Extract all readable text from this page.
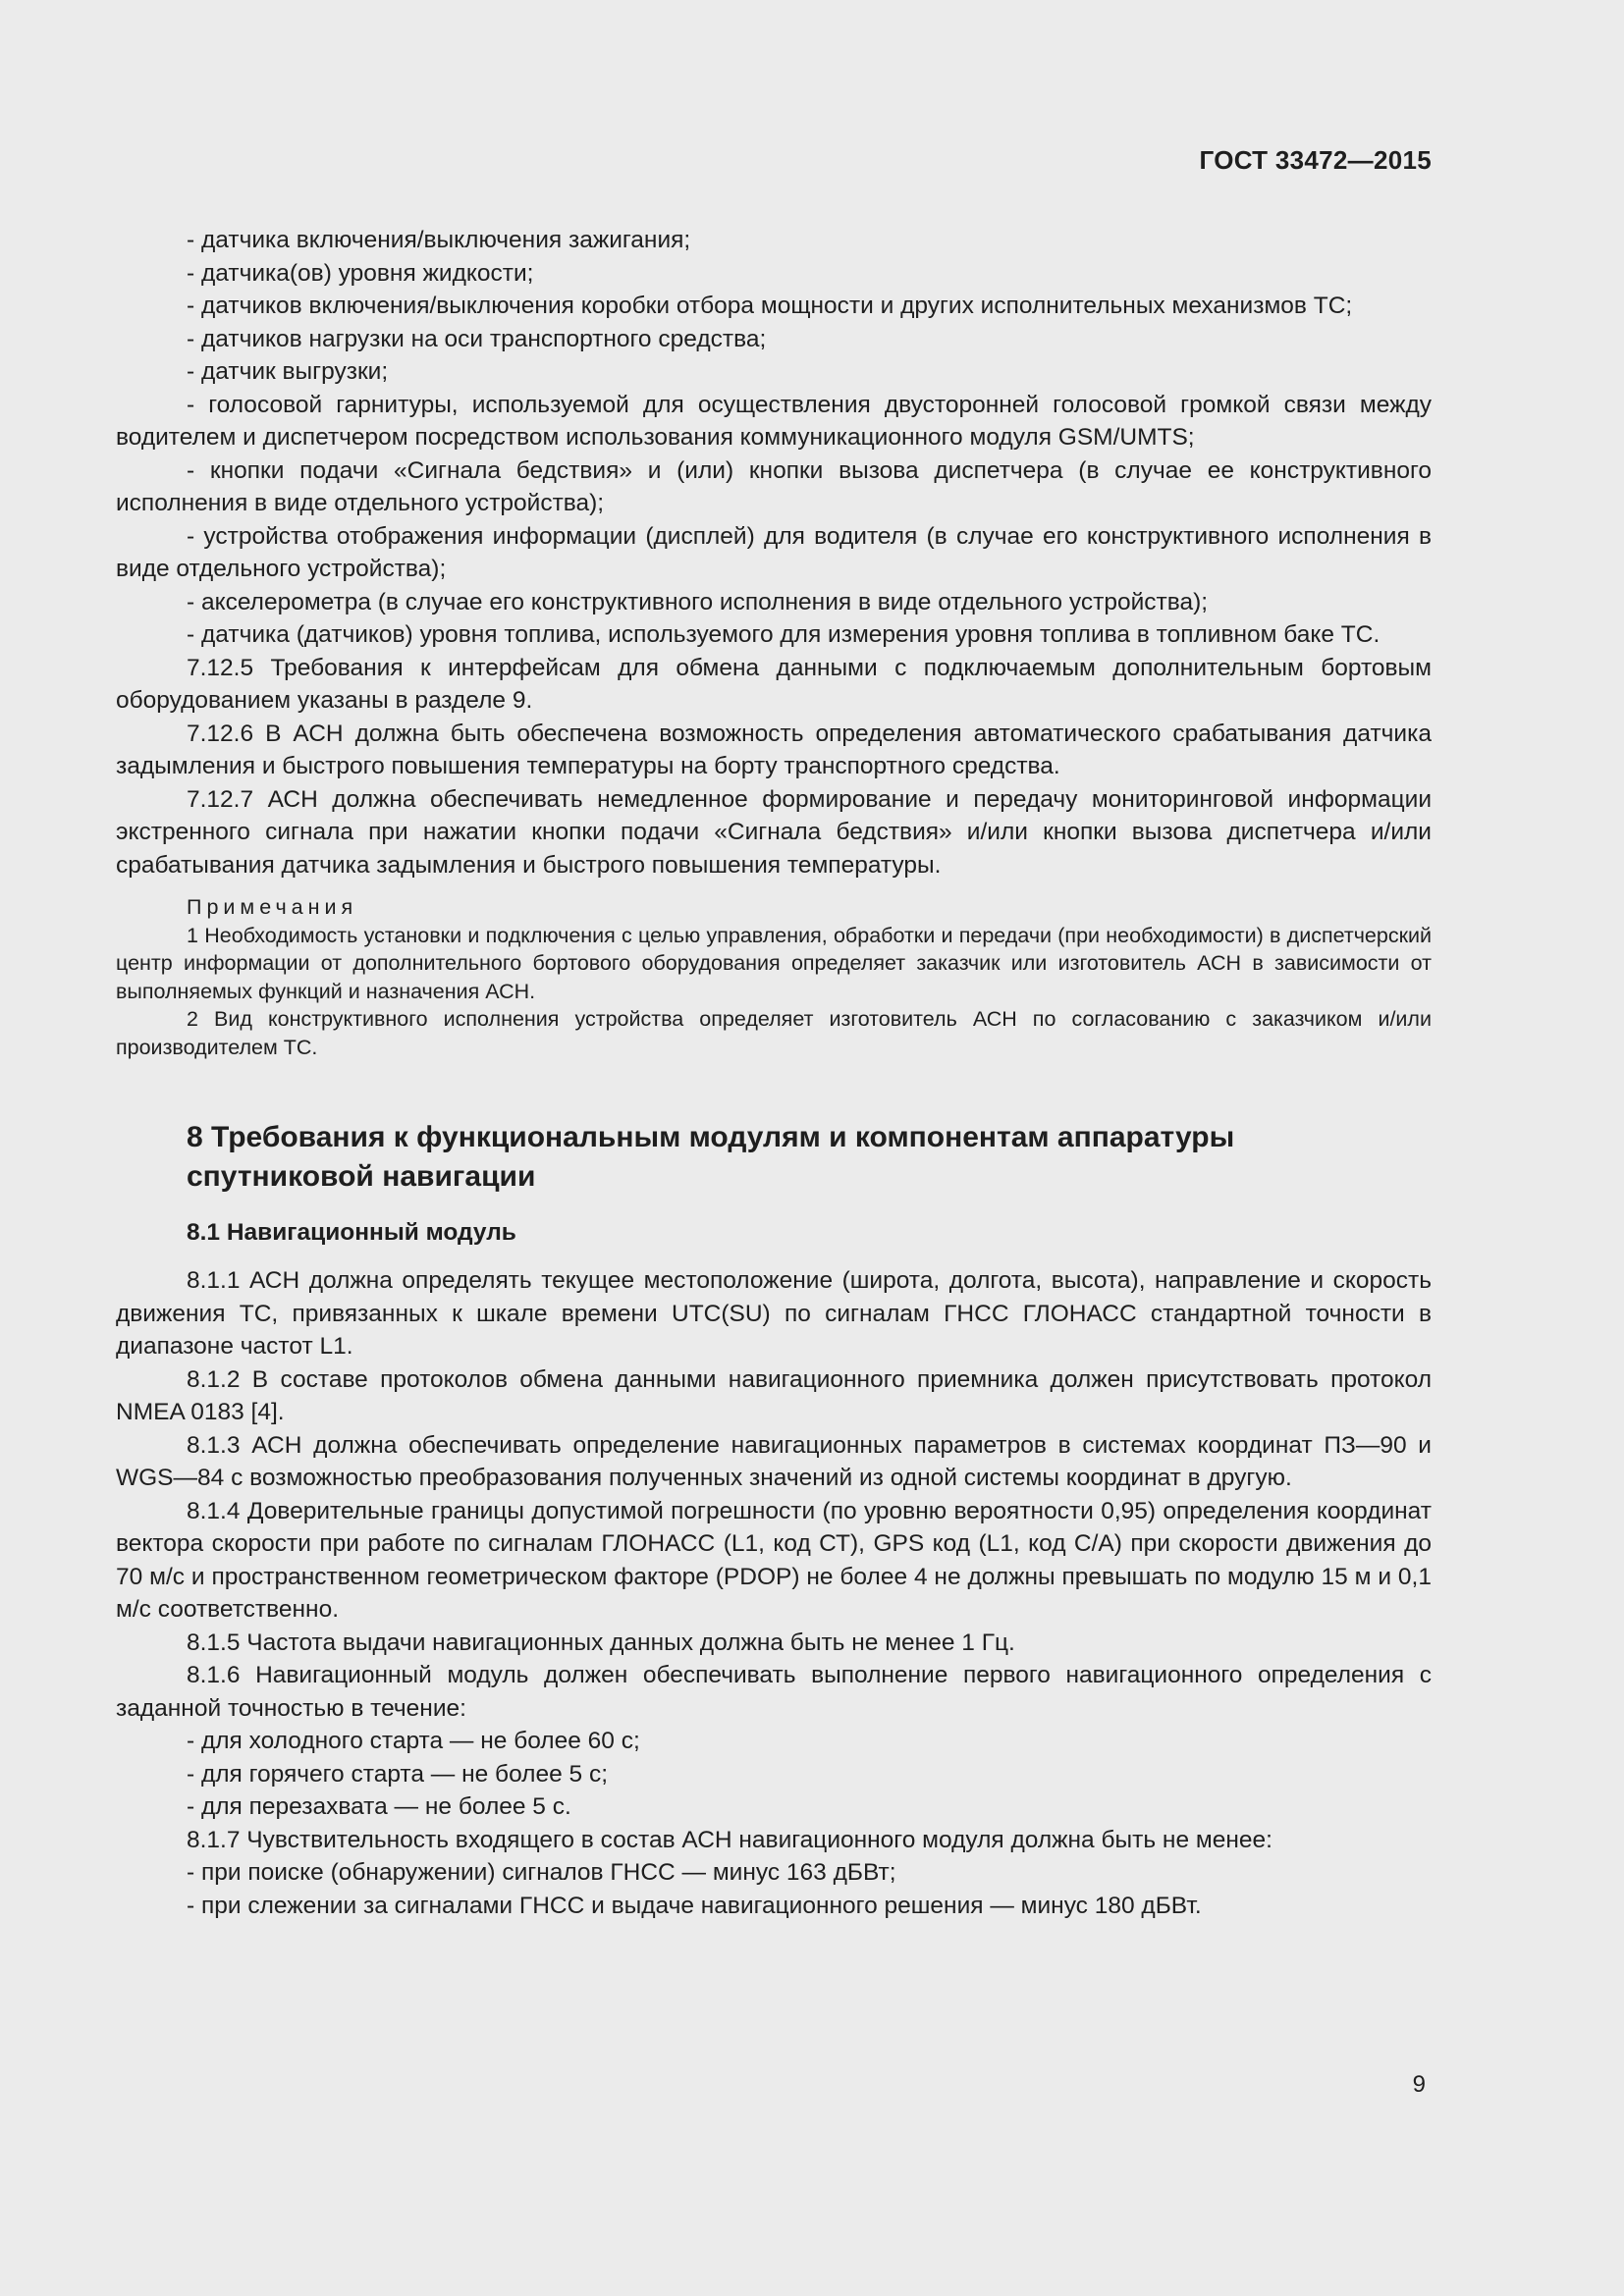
ГОСТ 33472—2015

- датчика включения/выключения зажигания;

- датчика(ов) уровня жидкости;

- датчиков включения/выключения коробки отбора мощности и других исполнительных механизмов ТС;

- датчиков нагрузки на оси транспортного средства;

- датчик выгрузки;

- голосовой гарнитуры, используемой для осуществления двусторонней голосовой громкой связи между водителем и диспетчером посредством использования коммуникационного модуля GSM/UMTS;

- кнопки подачи «Сигнала бедствия» и (или) кнопки вызова диспетчера (в случае ее конструктивного исполнения в виде отдельного устройства);

- устройства отображения информации (дисплей) для водителя (в случае его конструктивного исполнения в виде отдельного устройства);

- акселерометра (в случае его конструктивного исполнения в виде отдельного устройства);

- датчика (датчиков) уровня топлива, используемого для измерения уровня топлива в топливном баке ТС.

7.12.5 Требования к интерфейсам для обмена данными с подключаемым дополнительным бортовым оборудованием указаны в разделе 9.

7.12.6 В АСН должна быть обеспечена возможность определения автоматического срабатывания датчика задымления и быстрого повышения температуры на борту транспортного средства.

7.12.7 АСН должна обеспечивать немедленное формирование и передачу мониторинговой информации экстренного сигнала при нажатии кнопки подачи «Сигнала бедствия» и/или кнопки вызова диспетчера и/или срабатывания датчика задымления и быстрого повышения температуры.

Примечания

1 Необходимость установки и подключения с целью управления, обработки и передачи (при необходимости) в диспетчерский центр информации от дополнительного бортового оборудования определяет заказчик или изготовитель АСН в зависимости от выполняемых функций и назначения АСН.

2 Вид конструктивного исполнения устройства определяет изготовитель АСН по согласованию с заказчиком и/или производителем ТС.

8 Требования к функциональным модулям и компонентам аппаратуры спутниковой навигации
8.1 Навигационный модуль

8.1.1 АСН должна определять текущее местоположение (широта, долгота, высота), направление и скорость движения ТС, привязанных к шкале времени UTC(SU) по сигналам ГНСС ГЛОНАСС стандартной точности в диапазоне частот L1.

8.1.2 В составе протоколов обмена данными навигационного приемника должен присутствовать протокол NMEA 0183 [4].

8.1.3 АСН должна обеспечивать определение навигационных параметров в системах координат ПЗ—90 и WGS—84 с возможностью преобразования полученных значений из одной системы координат в другую.

8.1.4 Доверительные границы допустимой погрешности (по уровню вероятности 0,95) определения координат вектора скорости при работе по сигналам ГЛОНАСС (L1, код СТ), GPS код (L1, код С/А) при скорости движения до 70 м/с и пространственном геометрическом факторе (PDOP) не более 4 не должны превышать по модулю 15 м и 0,1 м/с соответственно.

8.1.5 Частота выдачи навигационных данных должна быть не менее 1 Гц.

8.1.6 Навигационный модуль должен обеспечивать выполнение первого навигационного определения с заданной точностью в течение:

- для холодного старта — не более 60 с;

- для горячего старта — не более 5 с;

- для перезахвата — не более 5 с.

8.1.7 Чувствительность входящего в состав АСН навигационного модуля должна быть не менее:

- при поиске (обнаружении) сигналов ГНСС — минус 163 дБВт;

- при слежении за сигналами ГНСС и выдаче навигационного решения — минус 180 дБВт.

9
